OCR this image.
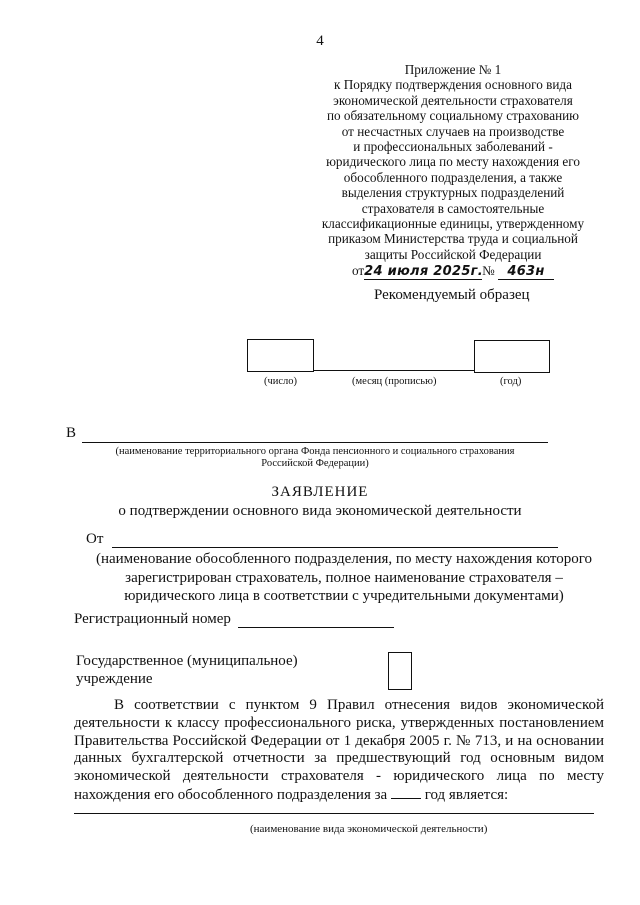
4
Приложение № 1
к Порядку подтверждения основного вида
экономической деятельности страхователя
по обязательному социальному страхованию
от несчастных случаев на производстве
и профессиональных заболеваний -
юридического лица по месту нахождения его
обособленного подразделения, а также
выделения структурных подразделений
страхователя в самостоятельные
классификационные единицы, утвержденному
приказом Министерства труда и социальной
защиты Российской Федерации
от24 июля 2025г.№ 463н
Рекомендуемый образец
(число)	(месяц (прописью)	(год)
В
(наименование территориального органа Фонда пенсионного и социального страхования
Российской Федерации)
ЗАЯВЛЕНИЕ
о подтверждении основного вида экономической деятельности
От
(наименование обособленного подразделения, по месту нахождения которого
зарегистрирован страхователь, полное наименование страхователя –
юридического лица в соответствии с учредительными документами)
Регистрационный номер
Государственное (муниципальное)
учреждение

В соответствии с пунктом 9 Правил отнесения видов экономической деятельности к классу профессионального риска, утвержденных постановлением Правительства Российской Федерации от 1 декабря 2005 г. № 713, и на основании данных бухгалтерской отчетности за предшествующий год основным видом экономической деятельности страхователя - юридического лица по месту нахождения его обособленного подразделения за	год является:

(наименование вида экономической деятельности)
